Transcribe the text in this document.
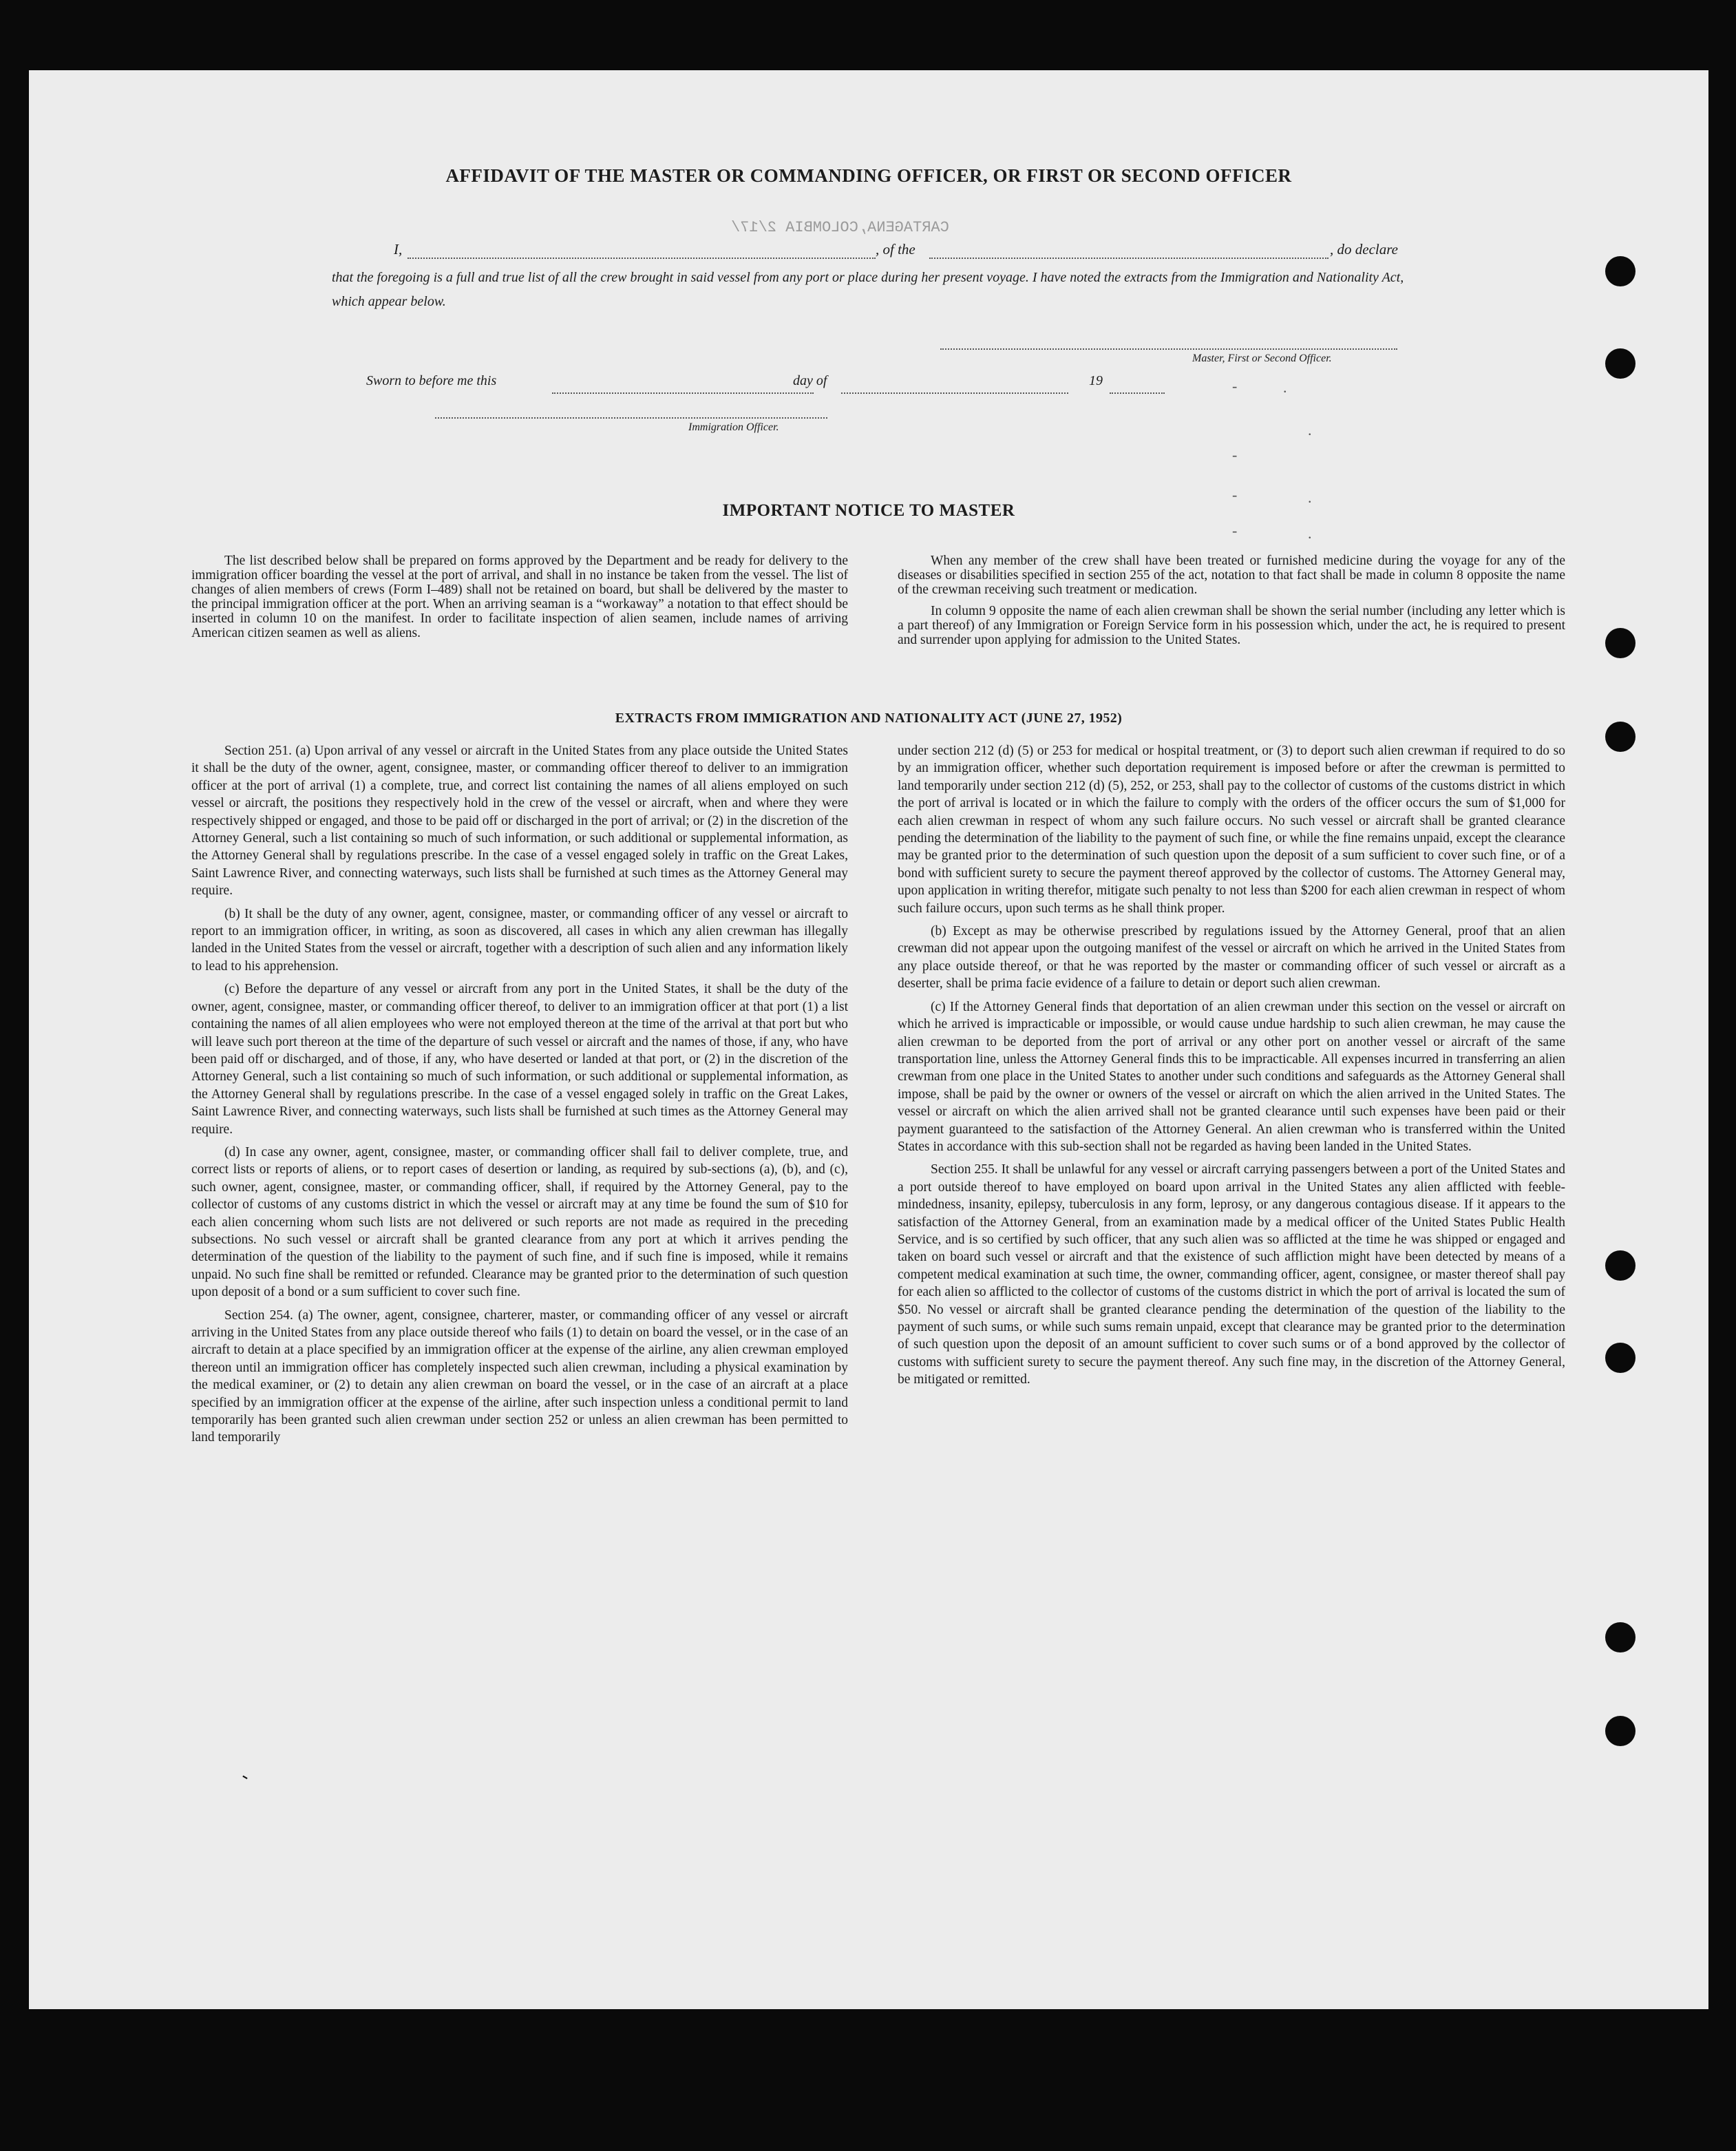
AFFIDAVIT OF THE MASTER OR COMMANDING OFFICER, OR FIRST OR SECOND OFFICER
I,	, of the	, do declare
CARTAGENA,COLOMBIA 2/17/
that the foregoing is a full and true list of all the crew brought in said vessel from any port or place during her present voyage. I have noted the extracts from the Immigration and Nationality Act, which appear below.
Master, First or Second Officer.
Sworn to before me this	day of	19
Immigration Officer.
-	.
-
.
-	.
-	.
IMPORTANT NOTICE TO MASTER

The list described below shall be prepared on forms approved by the Department and be ready for delivery to the immigration officer boarding the vessel at the port of arrival, and shall in no instance be taken from the vessel. The list of changes of alien members of crews (Form I–489) shall not be retained on board, but shall be delivered by the master to the principal immigration officer at the port. When an arriving seaman is a “workaway” a notation to that effect should be inserted in column 10 on the manifest. In order to facilitate inspection of alien seamen, include names of arriving American citizen seamen as well as aliens.

When any member of the crew shall have been treated or furnished medicine during the voyage for any of the diseases or disabilities specified in section 255 of the act, notation to that fact shall be made in column 8 opposite the name of the crewman receiving such treatment or medication.

In column 9 opposite the name of each alien crewman shall be shown the serial number (including any letter which is a part thereof) of any Immigration or Foreign Service form in his possession which, under the act, he is required to present and surrender upon applying for admission to the United States.

EXTRACTS FROM IMMIGRATION AND NATIONALITY ACT (JUNE 27, 1952)

Section 251. (a) Upon arrival of any vessel or aircraft in the United States from any place outside the United States it shall be the duty of the owner, agent, consignee, master, or commanding officer thereof to deliver to an immigration officer at the port of arrival (1) a complete, true, and correct list containing the names of all aliens employed on such vessel or aircraft, the positions they respectively hold in the crew of the vessel or aircraft, when and where they were respectively shipped or engaged, and those to be paid off or discharged in the port of arrival; or (2) in the discretion of the Attorney General, such a list containing so much of such information, or such additional or supplemental information, as the Attorney General shall by regulations prescribe. In the case of a vessel engaged solely in traffic on the Great Lakes, Saint Lawrence River, and connecting waterways, such lists shall be furnished at such times as the Attorney General may require.

(b) It shall be the duty of any owner, agent, consignee, master, or commanding officer of any vessel or aircraft to report to an immigration officer, in writing, as soon as discovered, all cases in which any alien crewman has illegally landed in the United States from the vessel or aircraft, together with a description of such alien and any information likely to lead to his apprehension.

(c) Before the departure of any vessel or aircraft from any port in the United States, it shall be the duty of the owner, agent, consignee, master, or commanding officer thereof, to deliver to an immigration officer at that port (1) a list containing the names of all alien employees who were not employed thereon at the time of the arrival at that port but who will leave such port thereon at the time of the departure of such vessel or aircraft and the names of those, if any, who have been paid off or discharged, and of those, if any, who have deserted or landed at that port, or (2) in the discretion of the Attorney General, such a list containing so much of such information, or such additional or supplemental information, as the Attorney General shall by regulations prescribe. In the case of a vessel engaged solely in traffic on the Great Lakes, Saint Lawrence River, and connecting waterways, such lists shall be furnished at such times as the Attorney General may require.

(d) In case any owner, agent, consignee, master, or commanding officer shall fail to deliver complete, true, and correct lists or reports of aliens, or to report cases of desertion or landing, as required by sub-sections (a), (b), and (c), such owner, agent, consignee, master, or commanding officer, shall, if required by the Attorney General, pay to the collector of customs of any customs district in which the vessel or aircraft may at any time be found the sum of $10 for each alien concerning whom such lists are not delivered or such reports are not made as required in the preceding subsections. No such vessel or aircraft shall be granted clearance from any port at which it arrives pending the determination of the question of the liability to the payment of such fine, and if such fine is imposed, while it remains unpaid. No such fine shall be remitted or refunded. Clearance may be granted prior to the determination of such question upon deposit of a bond or a sum sufficient to cover such fine.

Section 254. (a) The owner, agent, consignee, charterer, master, or commanding officer of any vessel or aircraft arriving in the United States from any place outside thereof who fails (1) to detain on board the vessel, or in the case of an aircraft to detain at a place specified by an immigration officer at the expense of the airline, any alien crewman employed thereon until an immigration officer has completely inspected such alien crewman, including a physical examination by the medical examiner, or (2) to detain any alien crewman on board the vessel, or in the case of an aircraft at a place specified by an immigration officer at the expense of the airline, after such inspection unless a conditional permit to land temporarily has been granted such alien crewman under section 252 or unless an alien crewman has been permitted to land temporarily

under section 212 (d) (5) or 253 for medical or hospital treatment, or (3) to deport such alien crewman if required to do so by an immigration officer, whether such deportation requirement is imposed before or after the crewman is permitted to land temporarily under section 212 (d) (5), 252, or 253, shall pay to the collector of customs of the customs district in which the port of arrival is located or in which the failure to comply with the orders of the officer occurs the sum of $1,000 for each alien crewman in respect of whom any such failure occurs. No such vessel or aircraft shall be granted clearance pending the determination of the liability to the payment of such fine, or while the fine remains unpaid, except the clearance may be granted prior to the determination of such question upon the deposit of a sum sufficient to cover such fine, or of a bond with sufficient surety to secure the payment thereof approved by the collector of customs. The Attorney General may, upon application in writing therefor, mitigate such penalty to not less than $200 for each alien crewman in respect of whom such failure occurs, upon such terms as he shall think proper.

(b) Except as may be otherwise prescribed by regulations issued by the Attorney General, proof that an alien crewman did not appear upon the outgoing manifest of the vessel or aircraft on which he arrived in the United States from any place outside thereof, or that he was reported by the master or commanding officer of such vessel or aircraft as a deserter, shall be prima facie evidence of a failure to detain or deport such alien crewman.

(c) If the Attorney General finds that deportation of an alien crewman under this section on the vessel or aircraft on which he arrived is impracticable or impossible, or would cause undue hardship to such alien crewman, he may cause the alien crewman to be deported from the port of arrival or any other port on another vessel or aircraft of the same transportation line, unless the Attorney General finds this to be impracticable. All expenses incurred in transferring an alien crewman from one place in the United States to another under such conditions and safeguards as the Attorney General shall impose, shall be paid by the owner or owners of the vessel or aircraft on which the alien arrived in the United States. The vessel or aircraft on which the alien arrived shall not be granted clearance until such expenses have been paid or their payment guaranteed to the satisfaction of the Attorney General. An alien crewman who is transferred within the United States in accordance with this sub-section shall not be regarded as having been landed in the United States.

Section 255. It shall be unlawful for any vessel or aircraft carrying passengers between a port of the United States and a port outside thereof to have employed on board upon arrival in the United States any alien afflicted with feeble-mindedness, insanity, epilepsy, tuberculosis in any form, leprosy, or any dangerous contagious disease. If it appears to the satisfaction of the Attorney General, from an examination made by a medical officer of the United States Public Health Service, and is so certified by such officer, that any such alien was so afflicted at the time he was shipped or engaged and taken on board such vessel or aircraft and that the existence of such affliction might have been detected by means of a competent medical examination at such time, the owner, commanding officer, agent, consignee, or master thereof shall pay for each alien so afflicted to the collector of customs of the customs district in which the port of arrival is located the sum of $50. No vessel or aircraft shall be granted clearance pending the determination of the question of the liability to the payment of such sums, or while such sums remain unpaid, except that clearance may be granted prior to the determination of such question upon the deposit of an amount sufficient to cover such sums or of a bond approved by the collector of customs with sufficient surety to secure the payment thereof. Any such fine may, in the discretion of the Attorney General, be mitigated or remitted.

-
